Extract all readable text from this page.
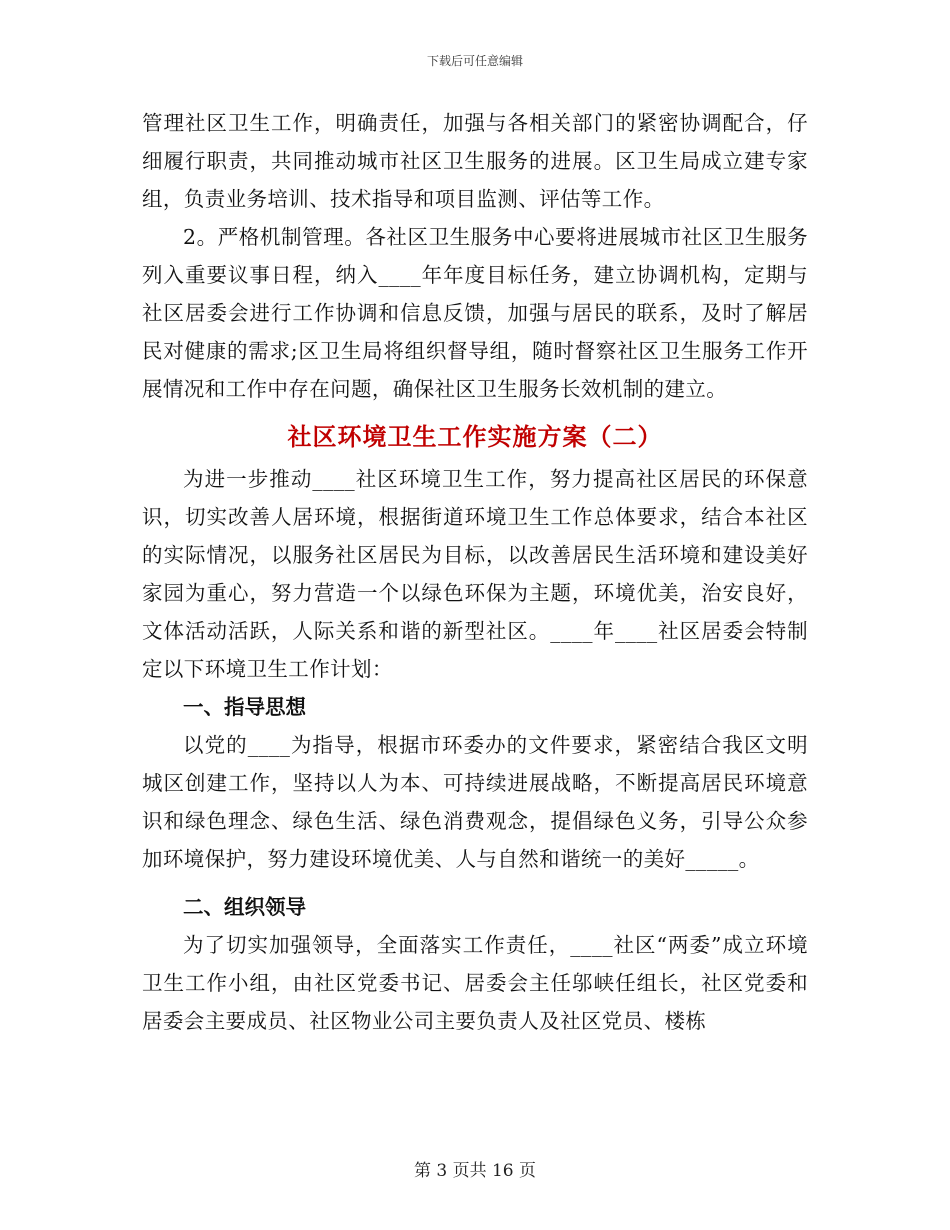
下载后可任意编辑

管理社区卫生工作，明确责任，加强与各相关部门的紧密协调配合，仔细履行职责，共同推动城市社区卫生服务的进展。区卫生局成立建专家组，负责业务培训、技术指导和项目监测、评估等工作。

2。严格机制管理。各社区卫生服务中心要将进展城市社区卫生服务列入重要议事日程，纳入____年年度目标任务，建立协调机构，定期与社区居委会进行工作协调和信息反馈，加强与居民的联系，及时了解居民对健康的需求;区卫生局将组织督导组，随时督察社区卫生服务工作开展情况和工作中存在问题，确保社区卫生服务长效机制的建立。

社区环境卫生工作实施方案（二）

为进一步推动____社区环境卫生工作，努力提高社区居民的环保意识，切实改善人居环境，根据街道环境卫生工作总体要求，结合本社区的实际情况，以服务社区居民为目标，以改善居民生活环境和建设美好家园为重心，努力营造一个以绿色环保为主题，环境优美，治安良好，文体活动活跃，人际关系和谐的新型社区。____年____社区居委会特制定以下环境卫生工作计划：

一、指导思想

以党的____为指导，根据市环委办的文件要求，紧密结合我区文明城区创建工作，坚持以人为本、可持续进展战略，不断提高居民环境意识和绿色理念、绿色生活、绿色消费观念，提倡绿色义务，引导公众参加环境保护，努力建设环境优美、人与自然和谐统一的美好_____。

二、组织领导

为了切实加强领导，全面落实工作责任，____社区“两委”成立环境卫生工作小组，由社区党委书记、居委会主任邬峡任组长，社区党委和居委会主要成员、社区物业公司主要负责人及社区党员、楼栋

第 3 页共 16 页
